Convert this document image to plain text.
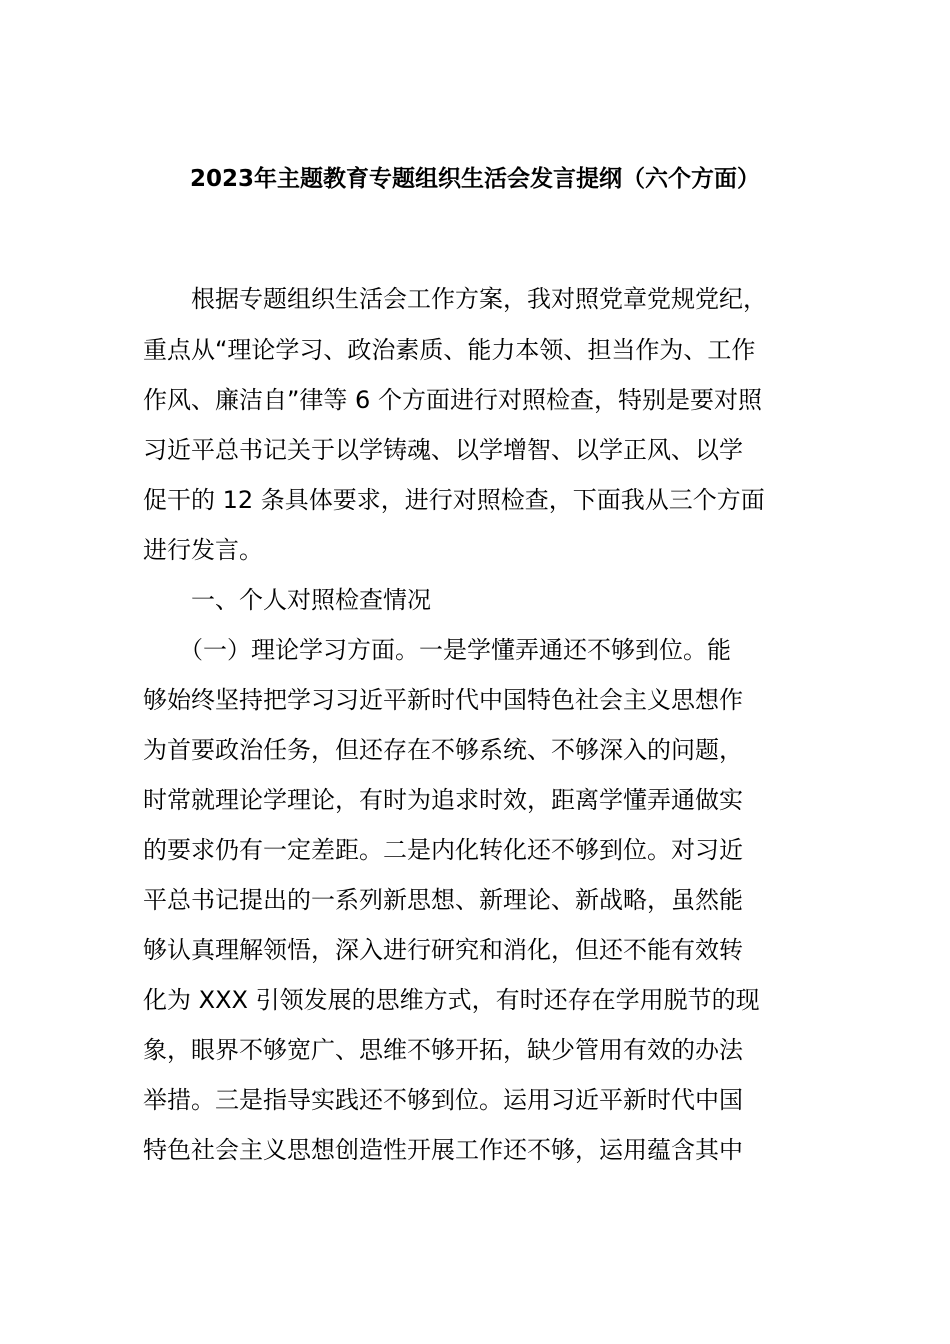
2023年主题教育专题组织生活会发言提纲（六个方面）
　　根据专题组织生活会工作方案，我对照党章党规党纪，
重点从“理论学习、政治素质、能力本领、担当作为、工作
作风、廉洁自”律等 6 个方面进行对照检查，特别是要对照
习近平总书记关于以学铸魂、以学增智、以学正风、以学
促干的 12 条具体要求，进行对照检查，下面我从三个方面
进行发言。
　　一、个人对照检查情况
　　（一）理论学习方面。一是学懂弄通还不够到位。能
够始终坚持把学习习近平新时代中国特色社会主义思想作
为首要政治任务，但还存在不够系统、不够深入的问题，
时常就理论学理论，有时为追求时效，距离学懂弄通做实
的要求仍有一定差距。二是内化转化还不够到位。对习近
平总书记提出的一系列新思想、新理论、新战略，虽然能
够认真理解领悟，深入进行研究和消化，但还不能有效转
化为 XXX 引领发展的思维方式，有时还存在学用脱节的现
象，眼界不够宽广、思维不够开拓，缺少管用有效的办法
举措。三是指导实践还不够到位。运用习近平新时代中国
特色社会主义思想创造性开展工作还不够，运用蕴含其中
